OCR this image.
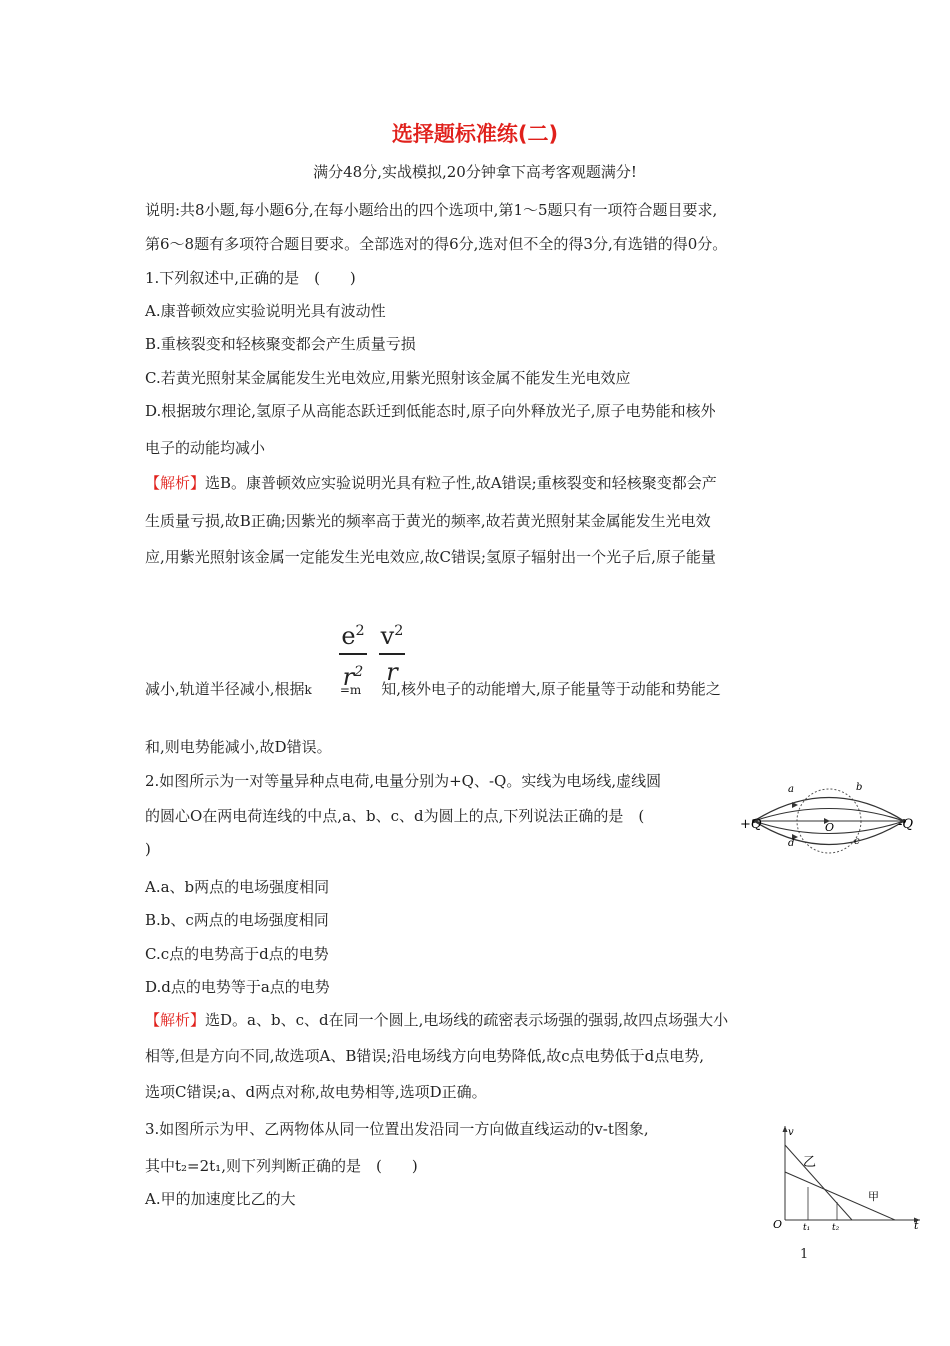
选择题标准练(二)
满分48分,实战模拟,20分钟拿下高考客观题满分!
说明:共8小题,每小题6分,在每小题给出的四个选项中,第1～5题只有一项符合题目要求,
第6～8题有多项符合题目要求。全部选对的得6分,选对但不全的得3分,有选错的得0分。
1.下列叙述中,正确的是　(　　)
A.康普顿效应实验说明光具有波动性
B.重核裂变和轻核聚变都会产生质量亏损
C.若黄光照射某金属能发生光电效应,用紫光照射该金属不能发生光电效应
D.根据玻尔理论,氢原子从高能态跃迁到低能态时,原子向外释放光子,原子电势能和核外
电子的动能均减小
【解析】选B。康普顿效应实验说明光具有粒子性,故A错误;重核裂变和轻核聚变都会产
生质量亏损,故B正确;因紫光的频率高于黄光的频率,故若黄光照射某金属能发生光电效
应,用紫光照射该金属一定能发生光电效应,故C错误;氢原子辐射出一个光子后,原子能量
$e^2$
$r^2$
$v^2$
r
减小,轨道半径减小,根据k =m 知,核外电子的动能增大,原子能量等于动能和势能之
和,则电势能减小,故D错误。
2.如图所示为一对等量异种点电荷,电量分别为+Q、-Q。实线为电场线,虚线圆
的圆心O在两电荷连线的中点,a、b、c、d为圆上的点,下列说法正确的是　(
)
A.a、b两点的电场强度相同
B.b、c两点的电场强度相同
C.c点的电势高于d点的电势
D.d点的电势等于a点的电势
【解析】选D。a、b、c、d在同一个圆上,电场线的疏密表示场强的强弱,故四点场强大小
相等,但是方向不同,故选项A、B错误;沿电场线方向电势降低,故c点电势低于d点电势,
选项C错误;a、d两点对称,故电势相等,选项D正确。
+Q	-Q
O
a	b
c
d
3.如图所示为甲、乙两物体从同一位置出发沿同一方向做直线运动的v-t图象,
其中t₂=2t₁,则下列判断正确的是　(　　)
A.甲的加速度比乙的大
v
t
O
乙
甲
t₁ t₂
1
